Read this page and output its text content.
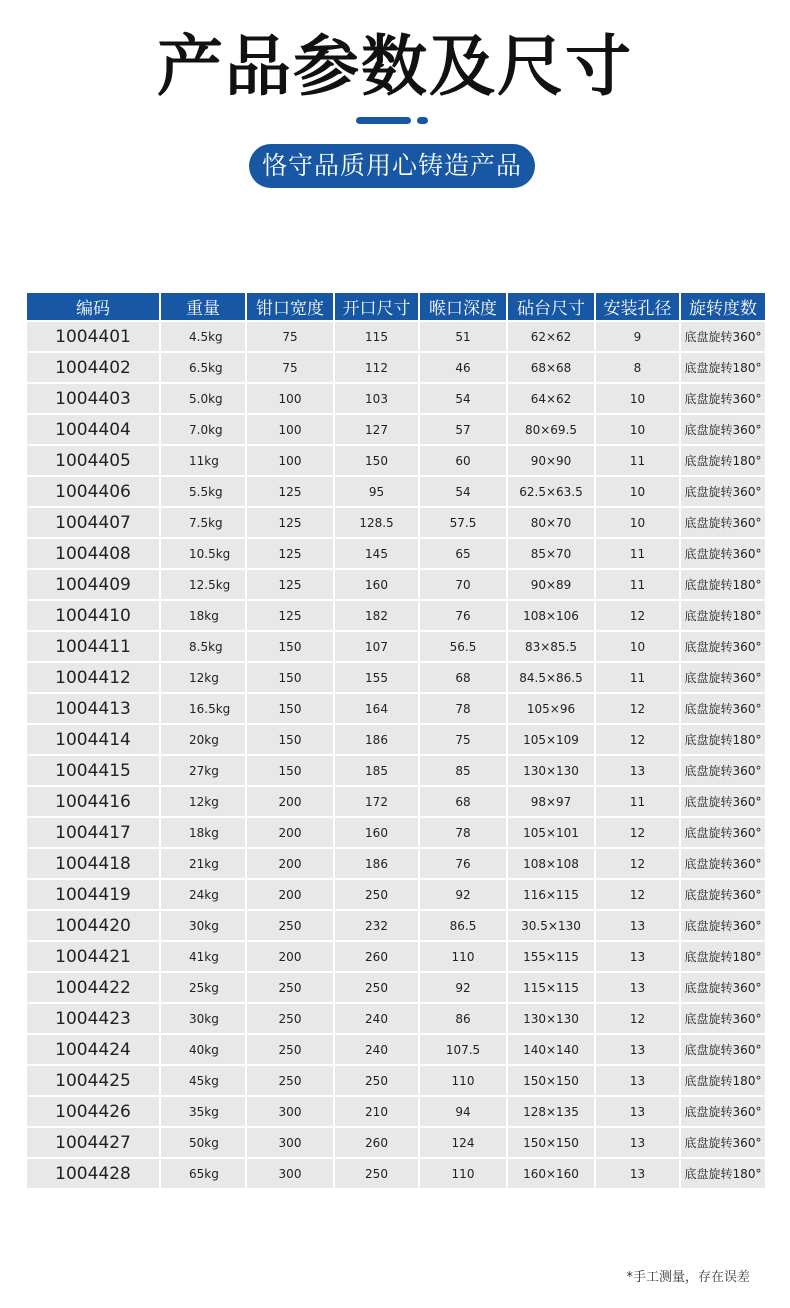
产品参数及尺寸
恪守品质用心铸造产品
编码	重量	钳口宽度	开口尺寸	喉口深度	砧台尺寸	安装孔径	旋转度数
1004401	4.5kg	75	115	51	62×62	9	底盘旋转360°
1004402	6.5kg	75	112	46	68×68	8	底盘旋转180°
1004403	5.0kg	100	103	54	64×62	10	底盘旋转360°
1004404	7.0kg	100	127	57	80×69.5	10	底盘旋转360°
1004405	11kg	100	150	60	90×90	11	底盘旋转180°
1004406	5.5kg	125	95	54	62.5×63.5	10	底盘旋转360°
1004407	7.5kg	125	128.5	57.5	80×70	10	底盘旋转360°
1004408	10.5kg	125	145	65	85×70	11	底盘旋转360°
1004409	12.5kg	125	160	70	90×89	11	底盘旋转180°
1004410	18kg	125	182	76	108×106	12	底盘旋转180°
1004411	8.5kg	150	107	56.5	83×85.5	10	底盘旋转360°
1004412	12kg	150	155	68	84.5×86.5	11	底盘旋转360°
1004413	16.5kg	150	164	78	105×96	12	底盘旋转360°
1004414	20kg	150	186	75	105×109	12	底盘旋转180°
1004415	27kg	150	185	85	130×130	13	底盘旋转360°
1004416	12kg	200	172	68	98×97	11	底盘旋转360°
1004417	18kg	200	160	78	105×101	12	底盘旋转360°
1004418	21kg	200	186	76	108×108	12	底盘旋转360°
1004419	24kg	200	250	92	116×115	12	底盘旋转360°
1004420	30kg	250	232	86.5	30.5×130	13	底盘旋转360°
1004421	41kg	200	260	110	155×115	13	底盘旋转180°
1004422	25kg	250	250	92	115×115	13	底盘旋转360°
1004423	30kg	250	240	86	130×130	12	底盘旋转360°
1004424	40kg	250	240	107.5	140×140	13	底盘旋转360°
1004425	45kg	250	250	110	150×150	13	底盘旋转180°
1004426	35kg	300	210	94	128×135	13	底盘旋转360°
1004427	50kg	300	260	124	150×150	13	底盘旋转360°
1004428	65kg	300	250	110	160×160	13	底盘旋转180°
*手工测量，存在误差
